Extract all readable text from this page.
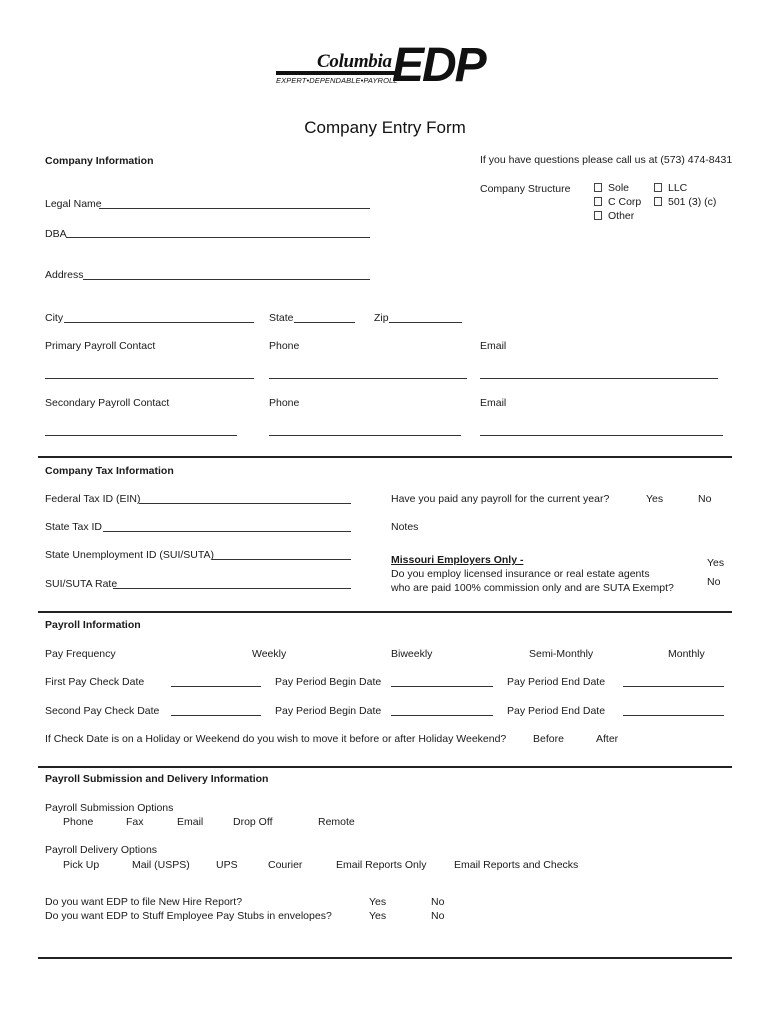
Columbia EDP
EXPERT•DEPENDABLE•PAYROLL
Company Entry Form
Company Information	If you have questions please call us at (573) 474-8431
Company Structure	Sole
C Corp
Other
LLC
501 (3) (c)
Legal Name
DBA
Address
City	State	Zip
Primary Payroll Contact	Phone	Email
Secondary Payroll Contact	Phone	Email
Company Tax Information
Federal Tax ID (EIN)	Have you paid any payroll for the current year?	Yes	No
State Tax ID	Notes
State Unemployment ID (SUI/SUTA)	Missouri Employers Only -
Do you employ licensed insurance or real estate agents
who are paid 100% commission only and are SUTA Exempt?
Yes
No
SUI/SUTA Rate
Payroll Information
Pay Frequency	Weekly	Biweekly	Semi-Monthly	Monthly
First Pay Check Date	Pay Period Begin Date	Pay Period End Date
Second Pay Check Date	Pay Period Begin Date	Pay Period End Date
If Check Date is on a Holiday or Weekend do you wish to move it before or after Holiday Weekend?	Before	After
Payroll Submission and Delivery Information
Payroll Submission Options
Phone	Fax	Email	Drop Off	Remote
Payroll Delivery Options
Pick Up	Mail (USPS) UPS	Courier	Email Reports Only	Email Reports and Checks
Do you want EDP to file New Hire Report?	Yes	No
Do you want EDP to Stuff Employee Pay Stubs in envelopes?	Yes	No
